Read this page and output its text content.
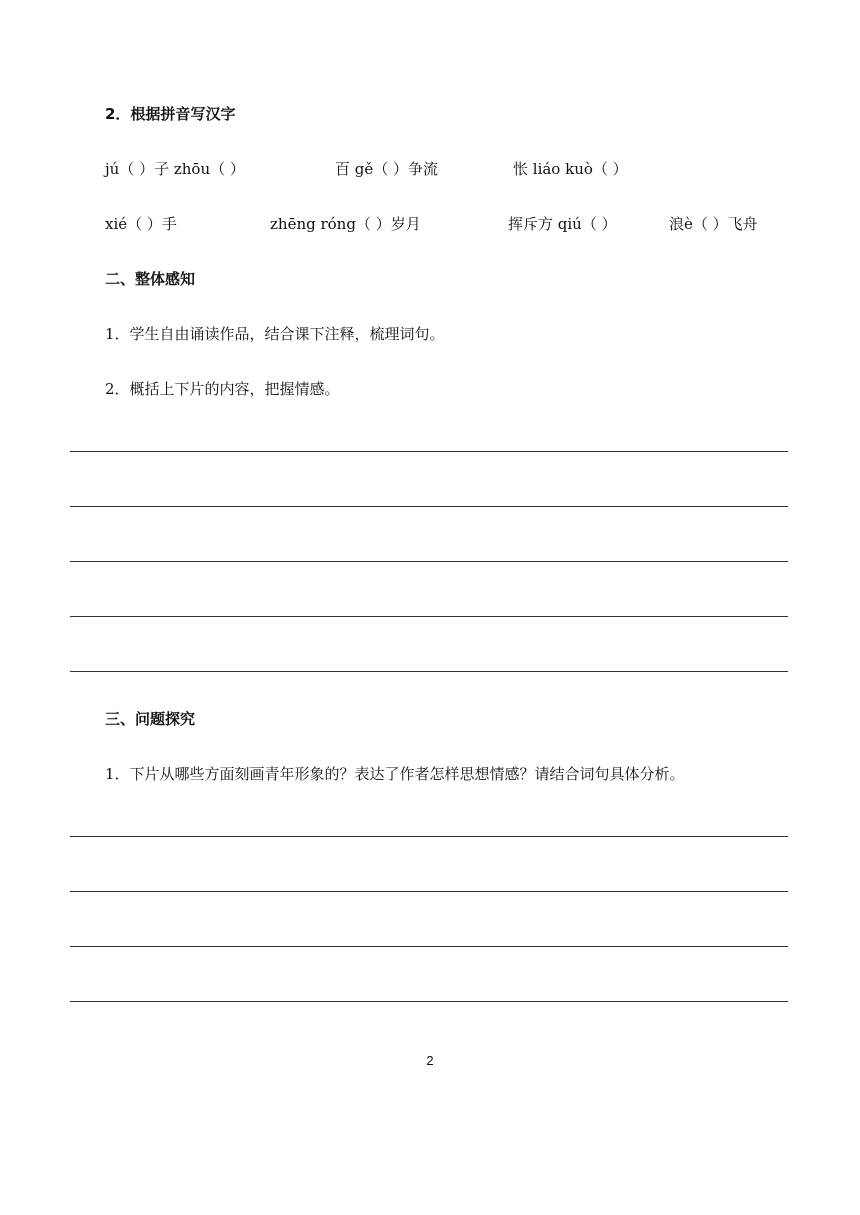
2．根据拼音写汉字
jú（ ）子 zhōu（ ）	百 gě（ ）争流	怅 liáo kuò（ ）
xié（ ）手	zhēng róng（ ）岁月	挥斥方 qiú（ ）	浪è（ ）飞舟
二、整体感知
1．学生自由诵读作品，结合课下注释，梳理词句。
2．概括上下片的内容，把握情感。
三、问题探究
1．下片从哪些方面刻画青年形象的？表达了作者怎样思想情感？请结合词句具体分析。
2
